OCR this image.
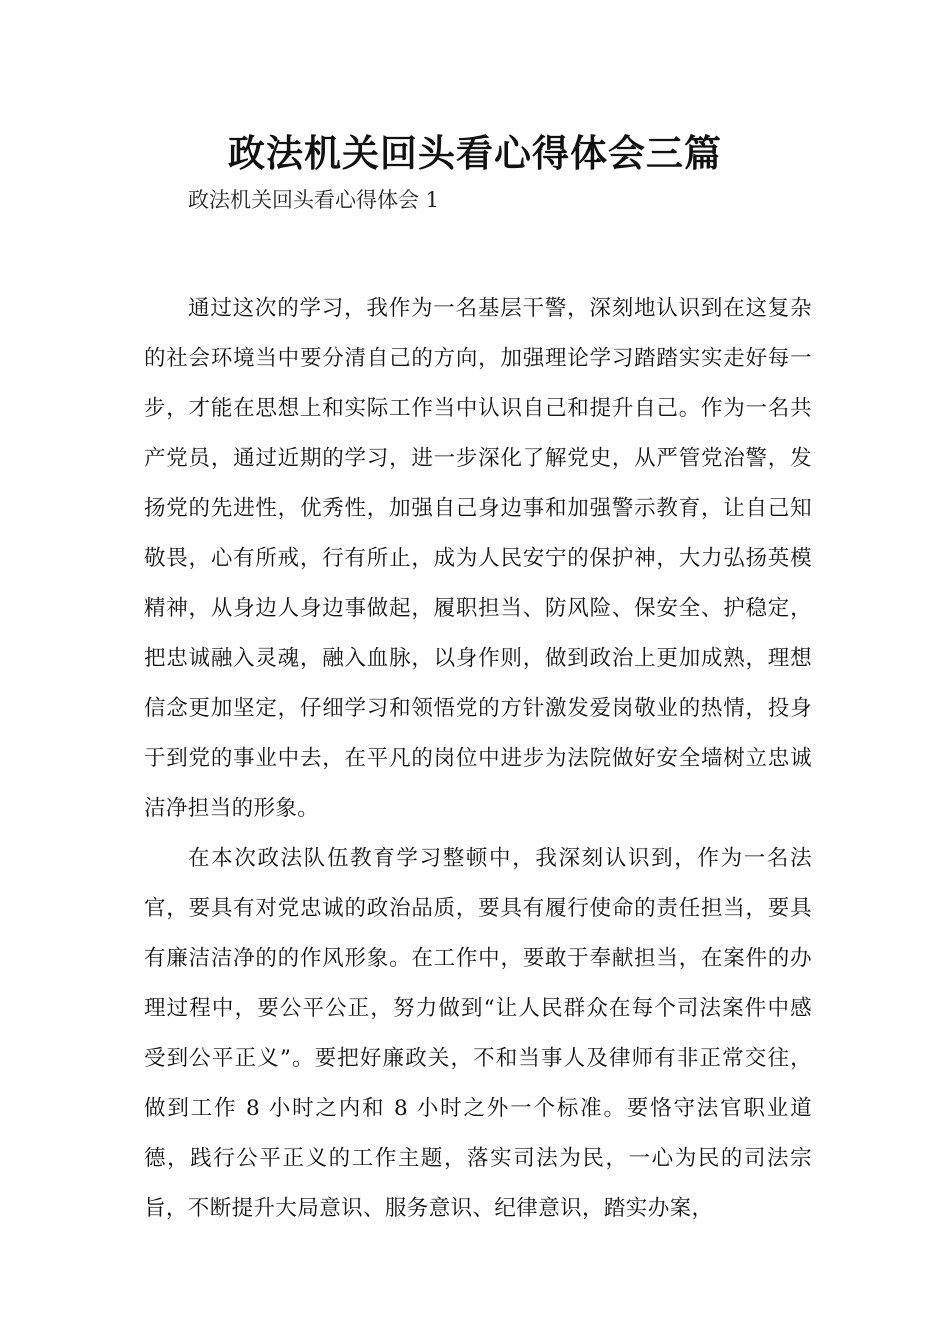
政法机关回头看心得体会三篇

政法机关回头看心得体会 1

通过这次的学习，我作为一名基层干警，深刻地认识到在这复杂的社会环境当中要分清自己的方向，加强理论学习踏踏实实走好每一步，才能在思想上和实际工作当中认识自己和提升自己。作为一名共产党员，通过近期的学习，进一步深化了解党史，从严管党治警，发扬党的先进性，优秀性，加强自己身边事和加强警示教育，让自己知敬畏，心有所戒，行有所止，成为人民安宁的保护神，大力弘扬英模精神，从身边人身边事做起，履职担当、防风险、保安全、护稳定，把忠诚融入灵魂，融入血脉，以身作则，做到政治上更加成熟，理想信念更加坚定，仔细学习和领悟党的方针激发爱岗敬业的热情，投身于到党的事业中去，在平凡的岗位中进步为法院做好安全墙树立忠诚洁净担当的形象。

在本次政法队伍教育学习整顿中，我深刻认识到，作为一名法官，要具有对党忠诚的政治品质，要具有履行使命的责任担当，要具有廉洁洁净的的作风形象。在工作中，要敢于奉献担当，在案件的办理过程中，要公平公正，努力做到“让人民群众在每个司法案件中感受到公平正义”。要把好廉政关，不和当事人及律师有非正常交往，做到工作 8 小时之内和 8 小时之外一个标准。要恪守法官职业道德，践行公平正义的工作主题，落实司法为民，一心为民的司法宗旨，不断提升大局意识、服务意识、纪律意识，踏实办案，
